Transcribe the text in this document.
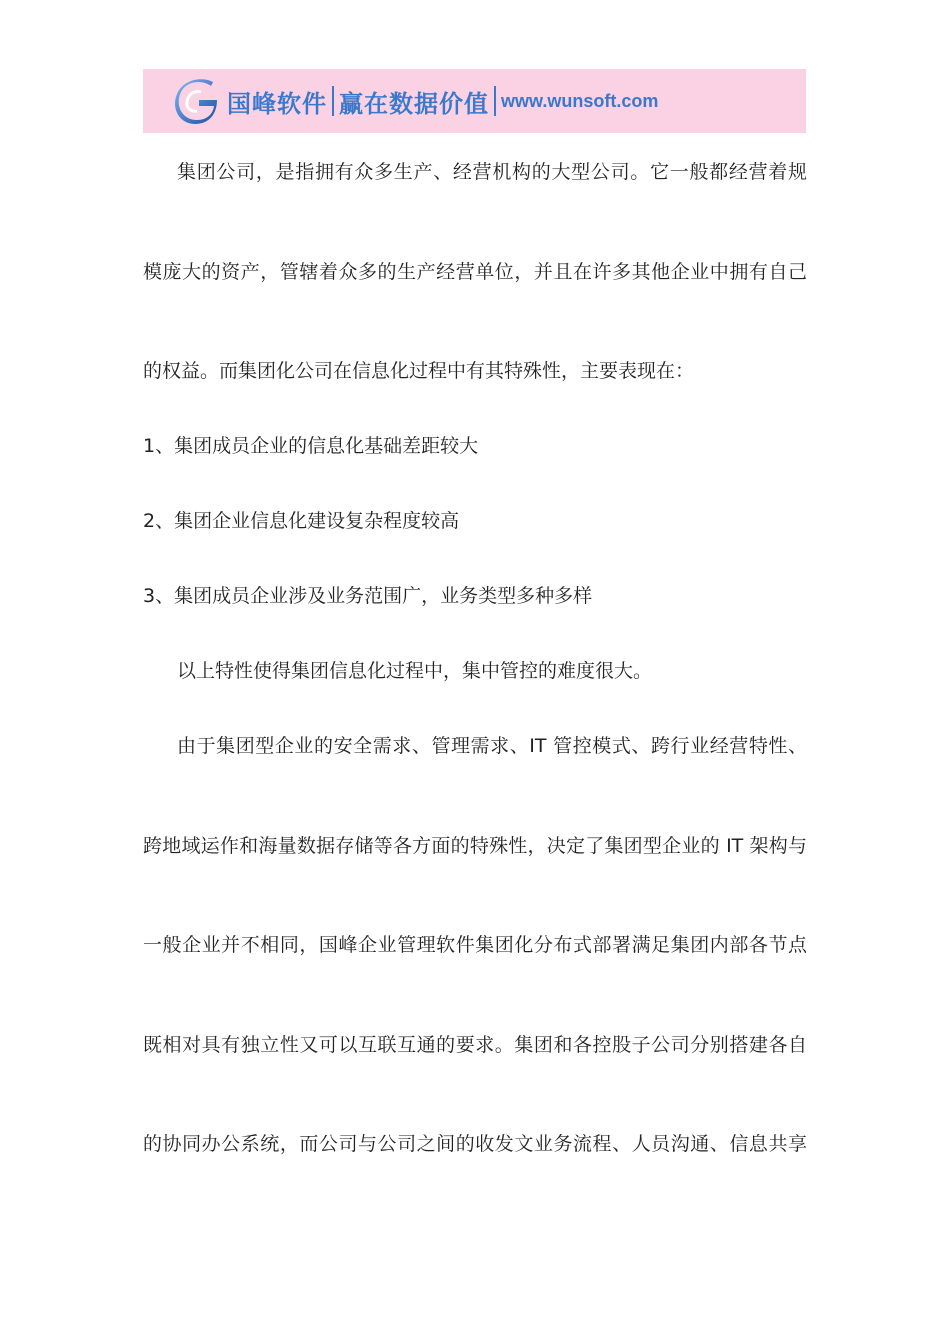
国峰软件 赢在数据价值 www.wunsoft.com
集团公司，是指拥有众多生产、经营机构的大型公司。它一般都经营着规
模庞大的资产，管辖着众多的生产经营单位，并且在许多其他企业中拥有自己
的权益。而集团化公司在信息化过程中有其特殊性，主要表现在：
1、集团成员企业的信息化基础差距较大
2、集团企业信息化建设复杂程度较高
3、集团成员企业涉及业务范围广，业务类型多种多样
以上特性使得集团信息化过程中，集中管控的难度很大。
由于集团型企业的安全需求、管理需求、IT 管控模式、跨行业经营特性、
跨地域运作和海量数据存储等各方面的特殊性，决定了集团型企业的 IT 架构与
一般企业并不相同，国峰企业管理软件集团化分布式部署满足集团内部各节点
既相对具有独立性又可以互联互通的要求。集团和各控股子公司分别搭建各自
的协同办公系统，而公司与公司之间的收发文业务流程、人员沟通、信息共享
